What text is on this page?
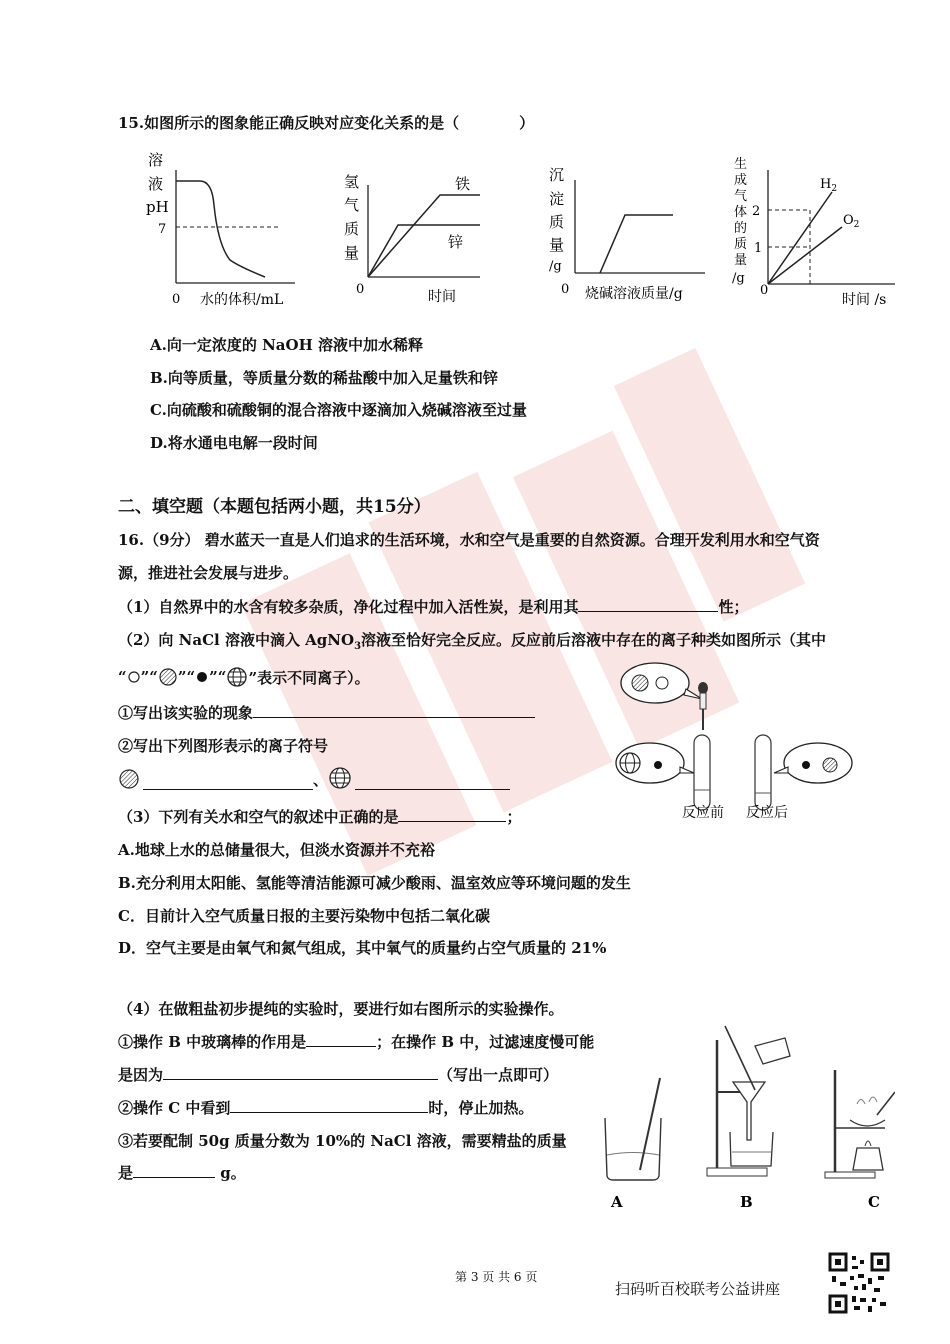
15.如图所示的图象能正确反映对应变化关系的是（　　　　）
溶
液
pH
7
0 水的体积/mL
氢
气
质
量
铁
锌
0	时间
沉
淀
质
量
/g
0 烧碱溶液质量/g
生
成
气
体
的
质
量
/g
2
1
$H_2$
$O_2$
0
时间 /s
A.向一定浓度的 NaOH 溶液中加水稀释
B.向等质量，等质量分数的稀盐酸中加入足量铁和锌
C.向硫酸和硫酸铜的混合溶液中逐滴加入烧碱溶液至过量
D.将水通电电解一段时间
二、填空题（本题包括两小题，共15分）
16.（9分） 碧水蓝天一直是人们追求的生活环境，水和空气是重要的自然资源。合理开发利用水和空气资
源，推进社会发展与进步。
（1）自然界中的水含有较多杂质，净化过程中加入活性炭，是利用其	性；
（2）向 NaCl 溶液中滴入 AgNO$_3$溶液至恰好完全反应。反应前后溶液中存在的离子种类如图所示（其中
“ ”“ ”“ ”“ ”表示不同离子）。
①写出该实验的现象
②写出下列图形表示的离子符号
、
反应前 反应后
（3）下列有关水和空气的叙述中正确的是	；
A.地球上水的总储量很大，但淡水资源并不充裕
B.充分利用太阳能、氢能等清洁能源可减少酸雨、温室效应等环境问题的发生
C．目前计入空气质量日报的主要污染物中包括二氧化碳
D．空气主要是由氧气和氮气组成，其中氧气的质量约占空气质量的 21%
（4）在做粗盐初步提纯的实验时，要进行如右图所示的实验操作。
①操作 B 中玻璃棒的作用是	；在操作 B 中，过滤速度慢可能
是因为	（写出一点即可）
②操作 C 中看到	时，停止加热。
③若要配制 50g 质量分数为 10%的 NaCl 溶液，需要精盐的质量
是	g。
A	B	C
第 3 页 共 6 页
扫码听百校联考公益讲座
